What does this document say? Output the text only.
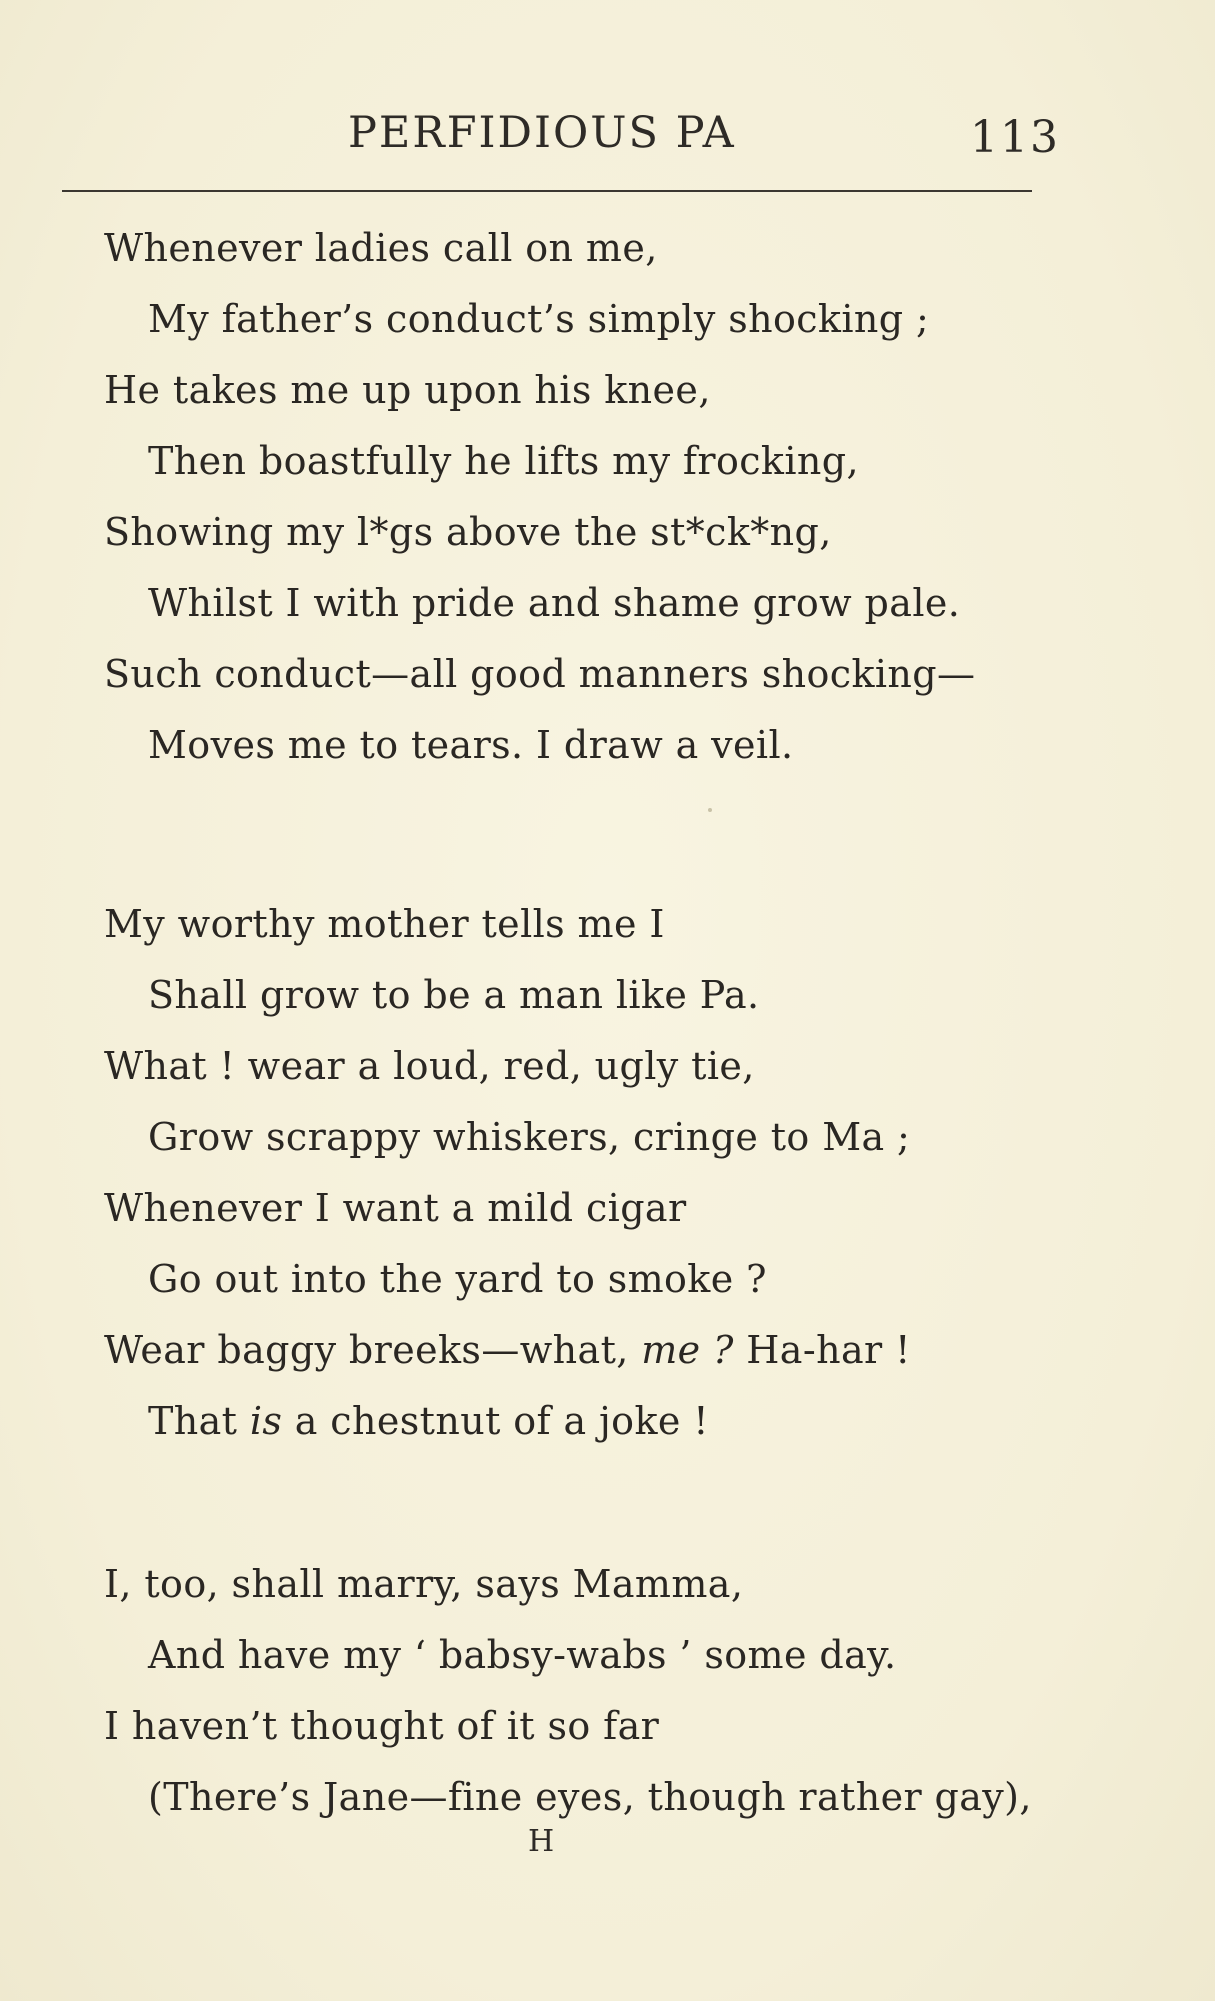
PERFIDIOUS PA	113
Whenever ladies call on me,
My father’s conduct’s simply shocking ;
He takes me up upon his knee,
Then boastfully he lifts my frocking,
Showing my l*gs above the st*ck*ng,
Whilst I with pride and shame grow pale.
Such conduct—all good manners shocking—
Moves me to tears. I draw a veil.
My worthy mother tells me I
Shall grow to be a man like Pa.
What ! wear a loud, red, ugly tie,
Grow scrappy whiskers, cringe to Ma ;
Whenever I want a mild cigar
Go out into the yard to smoke ?
Wear baggy breeks—what, me ? Ha-har !
That is a chestnut of a joke !
I, too, shall marry, says Mamma,
And have my ‘ babsy-wabs ’ some day.
I haven’t thought of it so far
(There’s Jane—fine eyes, though rather gay),
H
